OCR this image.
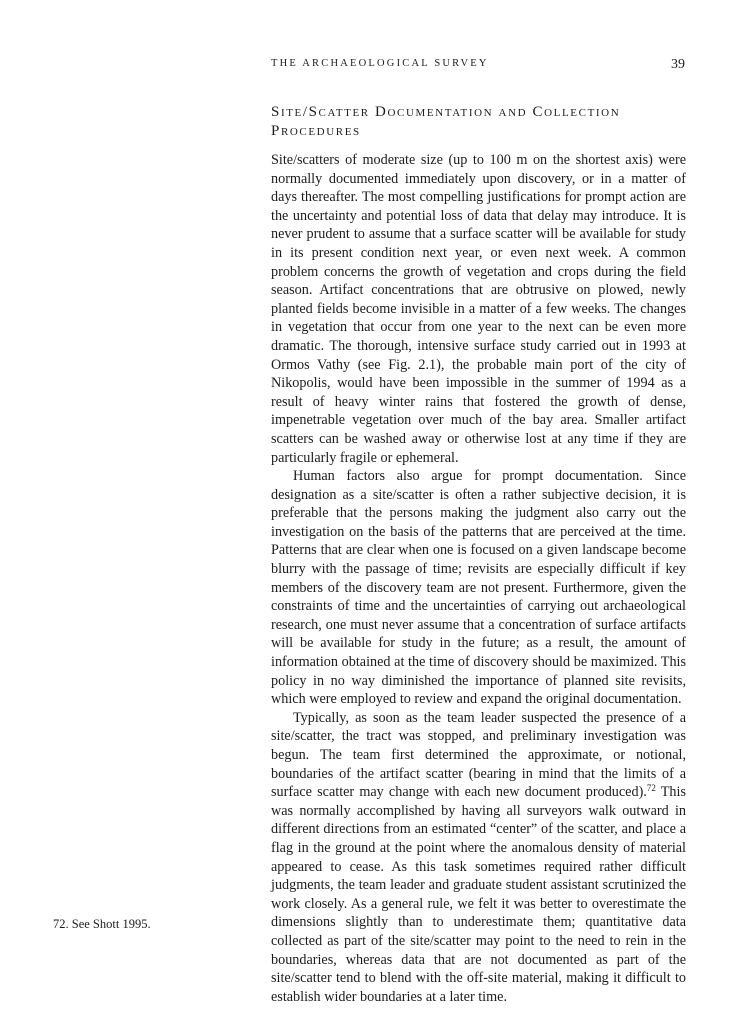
THE ARCHAEOLOGICAL SURVEY	39
Site/Scatter Documentation and Collection Procedures

Site/scatters of moderate size (up to 100 m on the shortest axis) were normally documented immediately upon discovery, or in a matter of days thereafter. The most compelling justifications for prompt action are the uncertainty and potential loss of data that delay may introduce. It is never prudent to assume that a surface scatter will be available for study in its present condition next year, or even next week. A common problem concerns the growth of vegetation and crops during the field season. Artifact concentrations that are obtrusive on plowed, newly planted fields become invisible in a matter of a few weeks. The changes in vegetation that occur from one year to the next can be even more dramatic. The thorough, intensive surface study carried out in 1993 at Ormos Vathy (see Fig. 2.1), the probable main port of the city of Nikopolis, would have been impossible in the summer of 1994 as a result of heavy winter rains that fostered the growth of dense, impenetrable vegetation over much of the bay area. Smaller artifact scatters can be washed away or otherwise lost at any time if they are particularly fragile or ephemeral.

Human factors also argue for prompt documentation. Since designation as a site/scatter is often a rather subjective decision, it is preferable that the persons making the judgment also carry out the investigation on the basis of the patterns that are perceived at the time. Patterns that are clear when one is focused on a given landscape become blurry with the passage of time; revisits are especially difficult if key members of the discovery team are not present. Furthermore, given the constraints of time and the uncertainties of carrying out archaeological research, one must never assume that a concentration of surface artifacts will be available for study in the future; as a result, the amount of information obtained at the time of discovery should be maximized. This policy in no way diminished the importance of planned site revisits, which were employed to review and expand the original documentation.

Typically, as soon as the team leader suspected the presence of a site/scatter, the tract was stopped, and preliminary investigation was begun. The team first determined the approximate, or notional, boundaries of the artifact scatter (bearing in mind that the limits of a surface scatter may change with each new document produced).$^{72}$ This was normally accomplished by having all surveyors walk outward in different directions from an estimated “center” of the scatter, and place a flag in the ground at the point where the anomalous density of material appeared to cease. As this task sometimes required rather difficult judgments, the team leader and graduate student assistant scrutinized the work closely. As a general rule, we felt it was better to overestimate the dimensions slightly than to underestimate them; quantitative data collected as part of the site/scatter may point to the need to rein in the boundaries, whereas data that are not documented as part of the site/scatter tend to blend with the off-site material, making it difficult to establish wider boundaries at a later time.

72. See Shott 1995.
